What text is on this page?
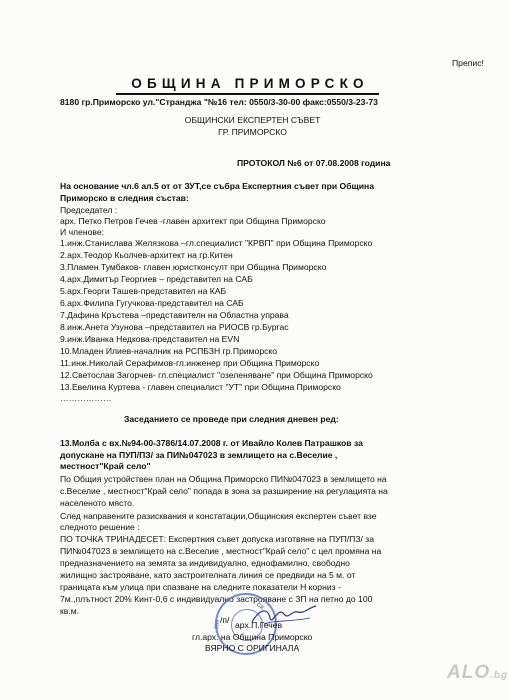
Препис!
ОБЩИНА ПРИМОРСКО
8180 гр.Приморско ул."Странджа "№16 тел: 0550/3-30-00 факс:0550/3-23-73
ОБЩИНСКИ ЕКСПЕРТЕН СЪВЕТ
ГР. ПРИМОРСКО
ПРОТОКОЛ №6 от 07.08.2008 година
На основание чл.6 ал.5 от от ЗУТ,се събра Експертния съвет при Община
Приморско в следния състав:
Председател :
арх. Петко Петров Гечев -главен архитект при Община Приморско
И членове:
1.инж.Станислава Желязкова –гл.специалист "КРВП" при Община Приморско
2.арх.Теодор Кьолчев-архитект на гр.Китен
3.Пламен Тумбаков- главен юристконсулт при Община Приморско
4.арх.Димитър Георгиев – представител на САБ
5.арх.Георги Ташев-представител на КАБ
6.арх.Филипа Гугучкова-представител на САБ
7.Дафина Кръстева –представителн на Областна управа
8.инж.Анета Узунова –представител на РИОСВ гр.Бургас
9.инж.Иванка Недкова-представител на EVN
10.Младен Илиев-началник на РСПБЗН гр.Приморско
11.инж.Николай Серафимов-гл.инженер при Община Приморско
12.Светослав Загорчев- гл.специалист "озеленяване" при Община Приморско
13.Евелина Куртева - главен специалист "УТ" при Община Приморско
………………
Заседанието се проведе при следния дневен ред:
13.Молба с вх.№94-00-3786/14.07.2008 г. от Ивайло Колев Патрашков за
допускане на ПУП/ПЗ/ за ПИ№047023 в землището на с.Веселие ,
местност"Край село"
По Общия устройствен план на Община Приморско ПИ№047023 в землището на
с.Веселие , местност"Край село" попада в зона за разширение на регулацията на
населеното място.
След направените разисквания и констатации,Общинския експертен съвет взе
следното решение :
ПО ТОЧКА ТРИНАДЕСЕТ: Експертния съвет допуска изготвяне на ПУП/ПЗ/ за
ПИ№047023 в землището на с.Веселие , местност"Край село" с цел промяна на
предназначението на земята за индивидуално, еднофамилно, свободно
жилищно застрояване, като застроителната линия се предвиди на 5 м. от
границата към улица при спазване на следните показатели Н корниз -
7м.,плътност 20% Кинт-0,6 с индивидуално застрояване с ЗП на петно до 100
кв.м.	СК
ИН
/п/ арх.П.Гечев
гл.арх. на Община Приморско
ВЯРНО С ОРИГИНАЛА
ALO.bg
